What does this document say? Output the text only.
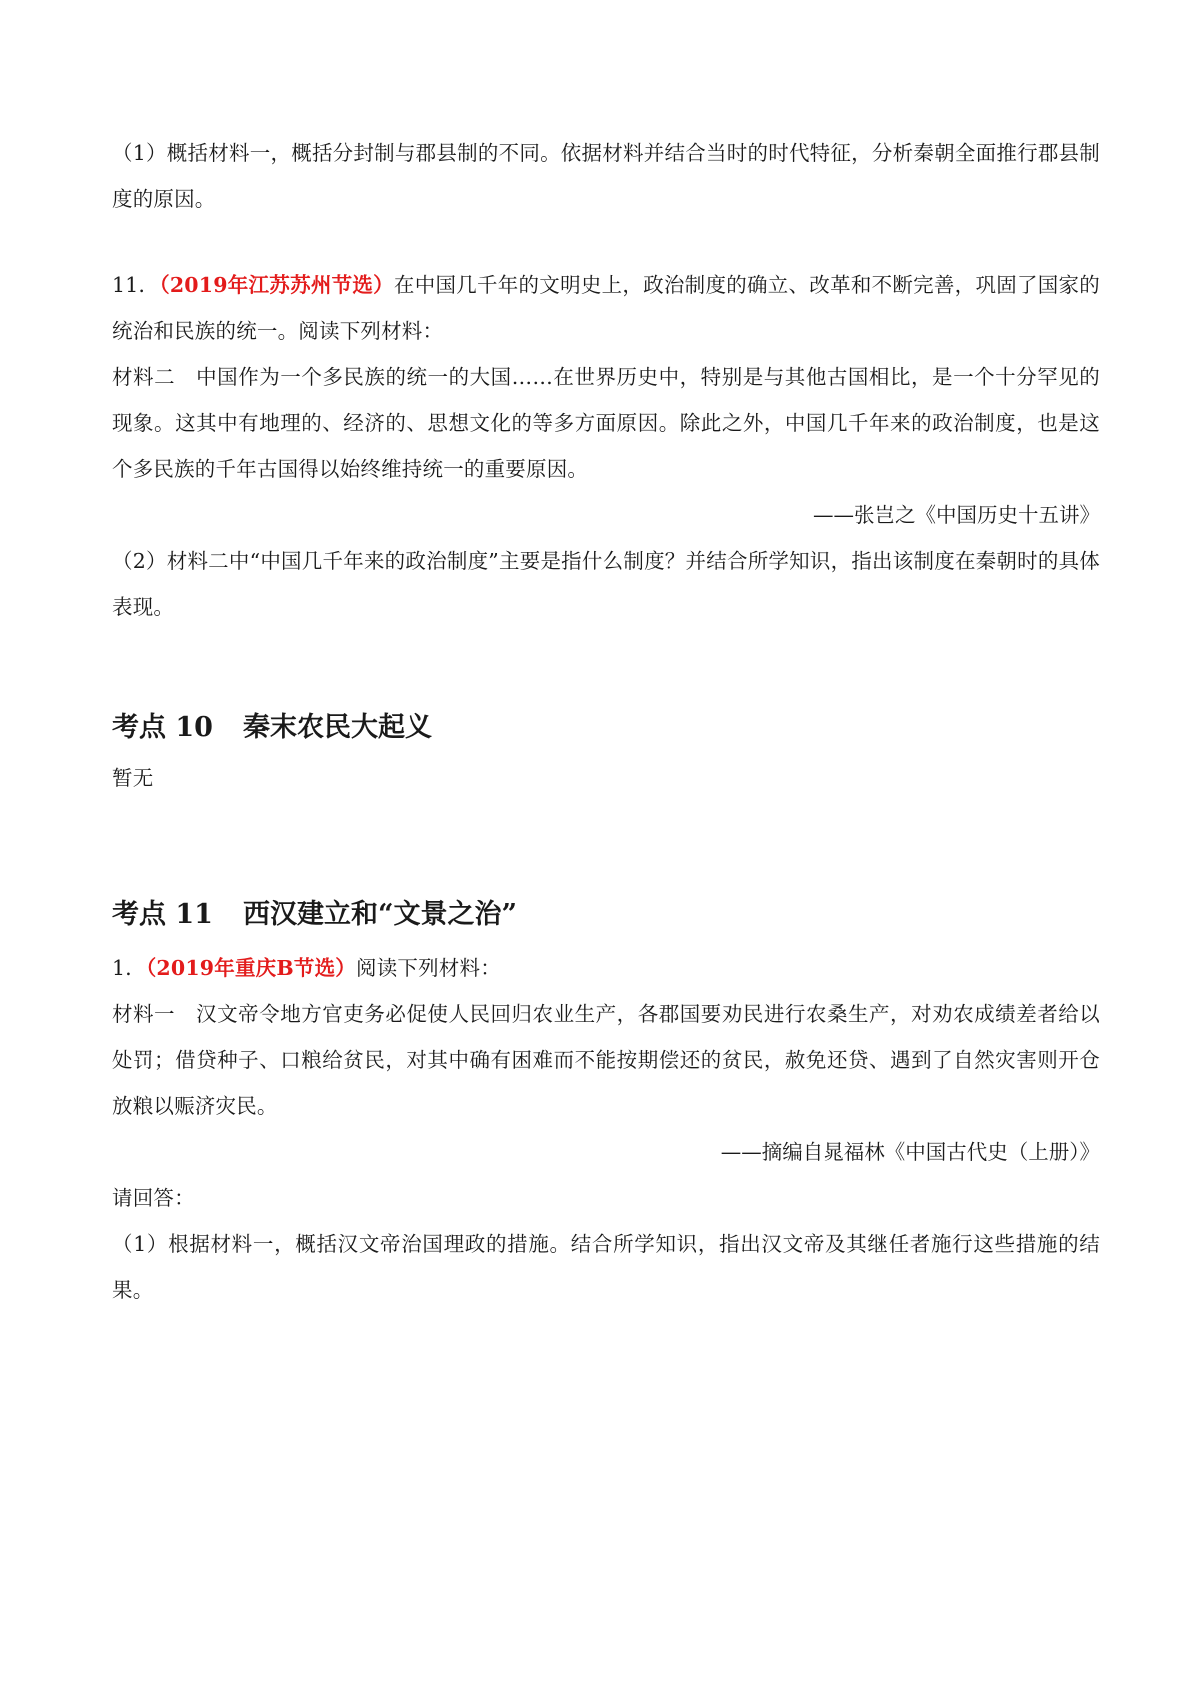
（1）概括材料一，概括分封制与郡县制的不同。依据材料并结合当时的时代特征，分析秦朝全面推行郡县制度的原因。

11．（2019年江苏苏州节选）在中国几千年的文明史上，政治制度的确立、改革和不断完善，巩固了国家的统治和民族的统一。阅读下列材料：

材料二　中国作为一个多民族的统一的大国……在世界历史中，特别是与其他古国相比，是一个十分罕见的现象。这其中有地理的、经济的、思想文化的等多方面原因。除此之外，中国几千年来的政治制度，也是这个多民族的千年古国得以始终维持统一的重要原因。

——张岂之《中国历史十五讲》

（2）材料二中“中国几千年来的政治制度”主要是指什么制度？并结合所学知识，指出该制度在秦朝时的具体表现。

考点 10 秦末农民大起义

暂无

考点 11 西汉建立和“文景之治”

1．（2019年重庆B节选）阅读下列材料：

材料一　汉文帝令地方官吏务必促使人民回归农业生产，各郡国要劝民进行农桑生产，对劝农成绩差者给以处罚；借贷种子、口粮给贫民，对其中确有困难而不能按期偿还的贫民，赦免还贷、遇到了自然灾害则开仓放粮以赈济灾民。

——摘编自晁福林《中国古代史（上册）》

请回答：

（1）根据材料一，概括汉文帝治国理政的措施。结合所学知识，指出汉文帝及其继任者施行这些措施的结果。
